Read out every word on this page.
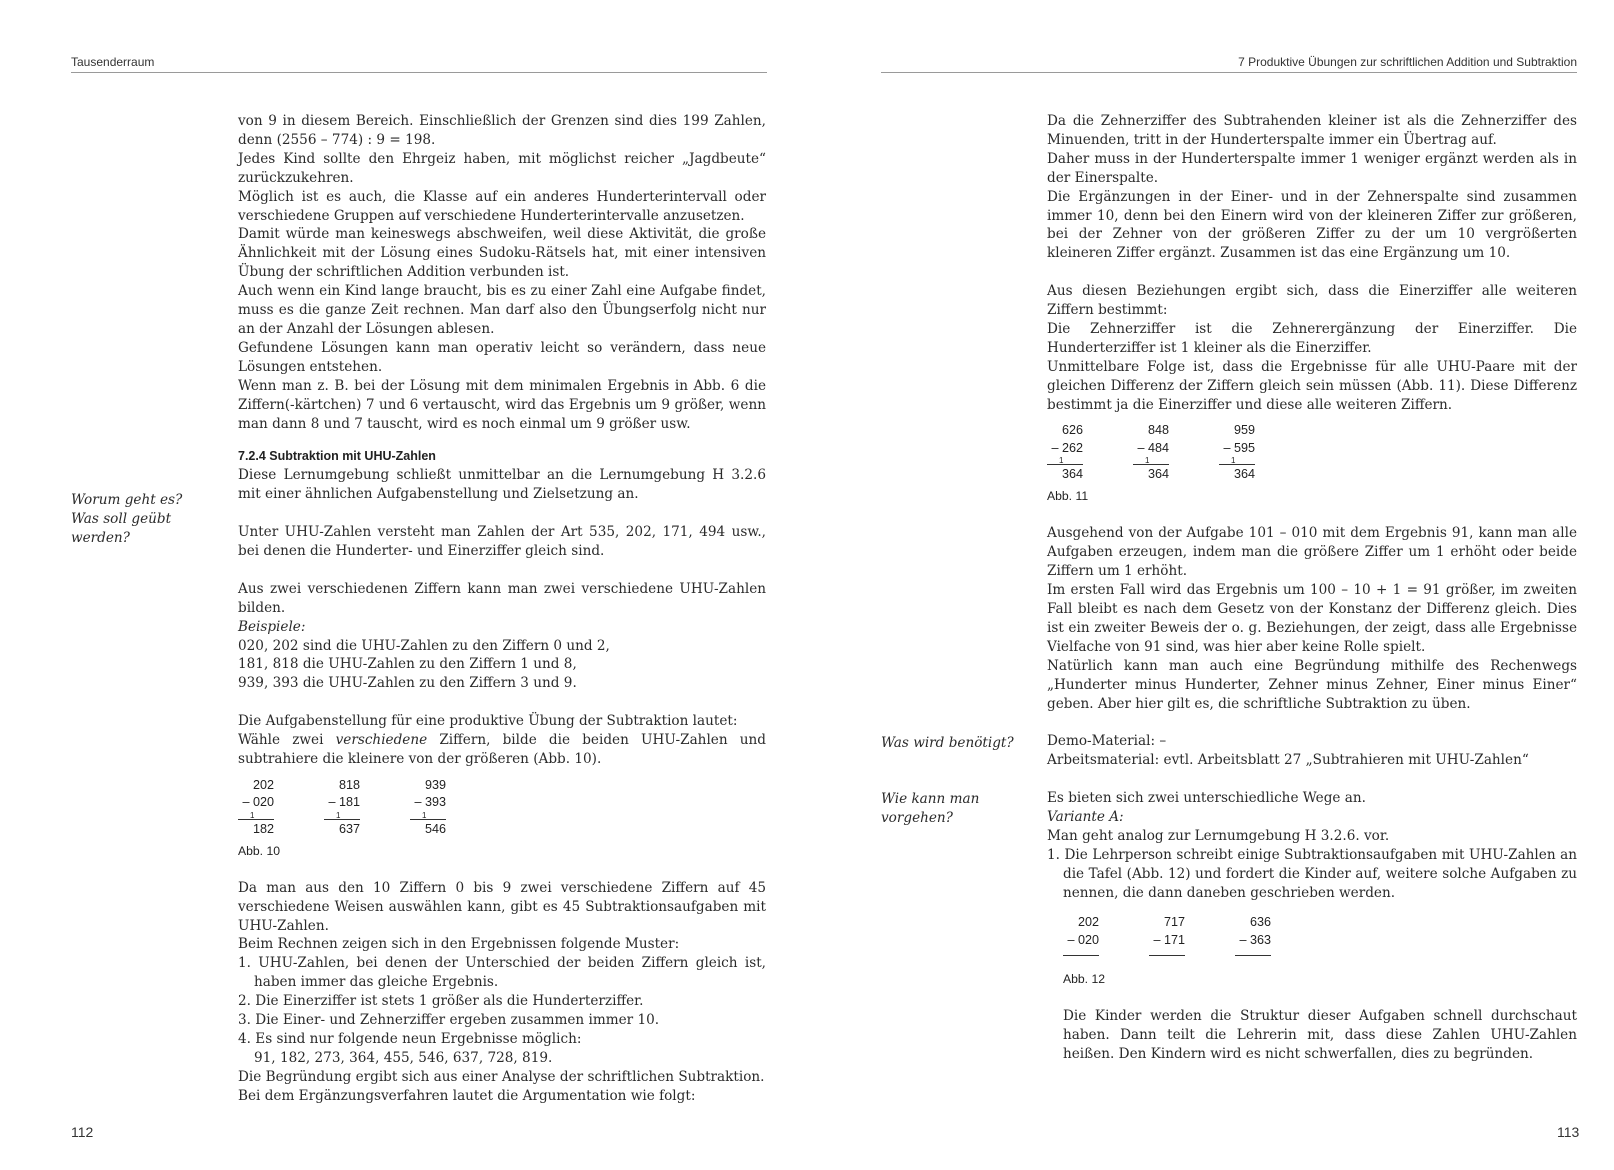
Tausenderraum
Worum geht es?
Was soll geübt
werden?

von 9 in diesem Bereich. Einschließlich der Grenzen sind dies 199 Zahlen, denn (2556 – 774) : 9 = 198.

Jedes Kind sollte den Ehrgeiz haben, mit möglichst reicher „Jagdbeute“ zurückzukehren.

Möglich ist es auch, die Klasse auf ein anderes Hunderterintervall oder verschiedene Gruppen auf verschiedene Hunderterintervalle anzusetzen.

Damit würde man keineswegs abschweifen, weil diese Aktivität, die große Ähnlichkeit mit der Lösung eines Sudoku-Rätsels hat, mit einer intensiven Übung der schriftlichen Addition verbunden ist.

Auch wenn ein Kind lange braucht, bis es zu einer Zahl eine Aufgabe findet, muss es die ganze Zeit rechnen. Man darf also den Übungserfolg nicht nur an der Anzahl der Lösungen ablesen.

Gefundene Lösungen kann man operativ leicht so verändern, dass neue Lösungen entstehen.

Wenn man z. B. bei der Lösung mit dem minimalen Ergebnis in Abb. 6 die Ziffern(-kärtchen) 7 und 6 vertauscht, wird das Ergebnis um 9 größer, wenn man dann 8 und 7 tauscht, wird es noch einmal um 9 größer usw.

7.2.4 Subtraktion mit UHU-Zahlen

Diese Lernumgebung schließt unmittelbar an die Lernumgebung H 3.2.6 mit einer ähnlichen Aufgabenstellung und Zielsetzung an.

Unter UHU-Zahlen versteht man Zahlen der Art 535, 202, 171, 494 usw., bei denen die Hunderter- und Einerziffer gleich sind.

Aus zwei verschiedenen Ziffern kann man zwei verschiedene UHU-Zahlen bilden.

Beispiele:

020, 202 sind die UHU-Zahlen zu den Ziffern 0 und 2,

181, 818 die UHU-Zahlen zu den Ziffern 1 und 8,

939, 393 die UHU-Zahlen zu den Ziffern 3 und 9.

Die Aufgabenstellung für eine produktive Übung der Subtraktion lautet:

Wähle zwei verschiedene Ziffern, bilde die beiden UHU-Zahlen und subtrahiere die kleinere von der größeren (Abb. 10).

202
– 020
1
182
818
– 181
1
637
939
– 393
1
546
Abb. 10

Da man aus den 10 Ziffern 0 bis 9 zwei verschiedene Ziffern auf 45 verschiedene Weisen auswählen kann, gibt es 45 Subtraktionsaufgaben mit UHU-Zahlen.

Beim Rechnen zeigen sich in den Ergebnissen folgende Muster:

1. UHU-Zahlen, bei denen der Unterschied der beiden Ziffern gleich ist, haben immer das gleiche Ergebnis.
2. Die Einerziffer ist stets 1 größer als die Hunderterziffer.
3. Die Einer- und Zehnerziffer ergeben zusammen immer 10.
4. Es sind nur folgende neun Ergebnisse möglich:

91, 182, 273, 364, 455, 546, 637, 728, 819.

Die Begründung ergibt sich aus einer Analyse der schriftlichen Subtraktion.

Bei dem Ergänzungsverfahren lautet die Argumentation wie folgt:

112
7 Produktive Übungen zur schriftlichen Addition und Subtraktion

Da die Zehnerziffer des Subtrahenden kleiner ist als die Zehnerziffer des Minuenden, tritt in der Hunderterspalte immer ein Übertrag auf.

Daher muss in der Hunderterspalte immer 1 weniger ergänzt werden als in der Einerspalte.

Die Ergänzungen in der Einer- und in der Zehnerspalte sind zusammen immer 10, denn bei den Einern wird von der kleineren Ziffer zur größeren, bei der Zehner von der größeren Ziffer zu der um 10 vergrößerten kleineren Ziffer ergänzt. Zusammen ist das eine Ergänzung um 10.

Aus diesen Beziehungen ergibt sich, dass die Einerziffer alle weiteren Ziffern bestimmt:

Die Zehnerziffer ist die Zehnerergänzung der Einerziffer. Die Hunderterziffer ist 1 kleiner als die Einerziffer.

Unmittelbare Folge ist, dass die Ergebnisse für alle UHU-Paare mit der gleichen Differenz der Ziffern gleich sein müssen (Abb. 11). Diese Differenz bestimmt ja die Einerziffer und diese alle weiteren Ziffern.

626
– 262
1
364
848
– 484
1
364
959
– 595
1
364
Abb. 11

Ausgehend von der Aufgabe 101 – 010 mit dem Ergebnis 91, kann man alle Aufgaben erzeugen, indem man die größere Ziffer um 1 erhöht oder beide Ziffern um 1 erhöht.

Im ersten Fall wird das Ergebnis um 100 – 10 + 1 = 91 größer, im zweiten Fall bleibt es nach dem Gesetz von der Konstanz der Differenz gleich. Dies ist ein zweiter Beweis der o. g. Beziehungen, der zeigt, dass alle Ergebnisse Vielfache von 91 sind, was hier aber keine Rolle spielt.

Natürlich kann man auch eine Begründung mithilfe des Rechenwegs „Hunderter minus Hunderter, Zehner minus Zehner, Einer minus Einer“ geben. Aber hier gilt es, die schriftliche Subtraktion zu üben.

Demo-Material: –

Arbeitsmaterial: evtl. Arbeitsblatt 27 „Subtrahieren mit UHU-Zahlen“

Es bieten sich zwei unterschiedliche Wege an.

Variante A:

Man geht analog zur Lernumgebung H 3.2.6. vor.

1. Die Lehrperson schreibt einige Subtraktionsaufgaben mit UHU-Zahlen an die Tafel (Abb. 12) und fordert die Kinder auf, weitere solche Aufgaben zu nennen, die dann daneben geschrieben werden.
202
– 020
717
– 171
636
– 363
Abb. 12

Die Kinder werden die Struktur dieser Aufgaben schnell durchschaut haben. Dann teilt die Lehrerin mit, dass diese Zahlen UHU-Zahlen heißen. Den Kindern wird es nicht schwerfallen, dies zu begründen.

Was wird benötigt?
Wie kann man
vorgehen?
113
